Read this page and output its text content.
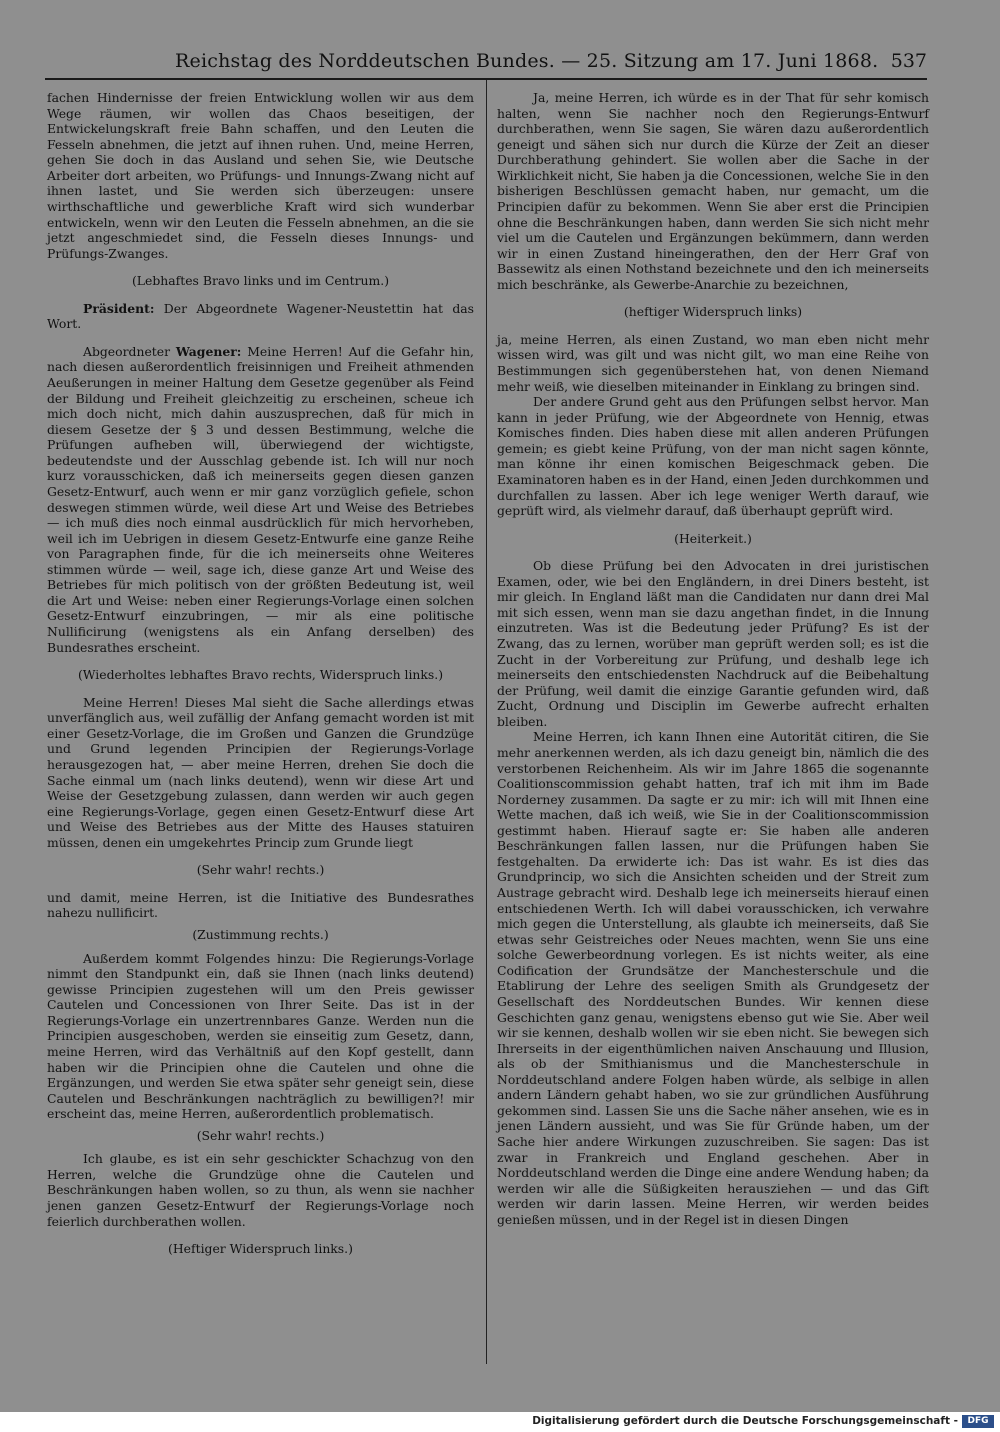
Reichstag des Norddeutschen Bundes. — 25. Sitzung am 17. Juni 1868. 537

fachen Hindernisse der freien Entwicklung wollen wir aus dem Wege räumen, wir wollen das Chaos beseitigen, der Entwickelungskraft freie Bahn schaffen, und den Leuten die Fesseln abnehmen, die jetzt auf ihnen ruhen. Und, meine Herren, gehen Sie doch in das Ausland und sehen Sie, wie Deutsche Arbeiter dort arbeiten, wo Prüfungs- und Innungs-Zwang nicht auf ihnen lastet, und Sie werden sich überzeugen: unsere wirthschaftliche und gewerbliche Kraft wird sich wunderbar entwickeln, wenn wir den Leuten die Fesseln abnehmen, an die sie jetzt angeschmiedet sind, die Fesseln dieses Innungs- und Prüfungs-Zwanges.

(Lebhaftes Bravo links und im Centrum.)

Präsident: Der Abgeordnete Wagener-Neustettin hat das Wort.

Abgeordneter Wagener: Meine Herren! Auf die Gefahr hin, nach diesen außerordentlich freisinnigen und Freiheit athmenden Aeußerungen in meiner Haltung dem Gesetze gegenüber als Feind der Bildung und Freiheit gleichzeitig zu erscheinen, scheue ich mich doch nicht, mich dahin auszusprechen, daß für mich in diesem Gesetze der § 3 und dessen Bestimmung, welche die Prüfungen aufheben will, überwiegend der wichtigste, bedeutendste und der Ausschlag gebende ist. Ich will nur noch kurz vorausschicken, daß ich meinerseits gegen diesen ganzen Gesetz-Entwurf, auch wenn er mir ganz vorzüglich gefiele, schon deswegen stimmen würde, weil diese Art und Weise des Betriebes — ich muß dies noch einmal ausdrücklich für mich hervorheben, weil ich im Uebrigen in diesem Gesetz-Entwurfe eine ganze Reihe von Paragraphen finde, für die ich meinerseits ohne Weiteres stimmen würde — weil, sage ich, diese ganze Art und Weise des Betriebes für mich politisch von der größten Bedeutung ist, weil die Art und Weise: neben einer Regierungs-Vorlage einen solchen Gesetz-Entwurf einzubringen, — mir als eine politische Nullificirung (wenigstens als ein Anfang derselben) des Bundesrathes erscheint.

(Wiederholtes lebhaftes Bravo rechts, Widerspruch links.)

Meine Herren! Dieses Mal sieht die Sache allerdings etwas unverfänglich aus, weil zufällig der Anfang gemacht worden ist mit einer Gesetz-Vorlage, die im Großen und Ganzen die Grundzüge und Grund legenden Principien der Regierungs-Vorlage herausgezogen hat, — aber meine Herren, drehen Sie doch die Sache einmal um (nach links deutend), wenn wir diese Art und Weise der Gesetzgebung zulassen, dann werden wir auch gegen eine Regierungs-Vorlage, gegen einen Gesetz-Entwurf diese Art und Weise des Betriebes aus der Mitte des Hauses statuiren müssen, denen ein umgekehrtes Princip zum Grunde liegt

(Sehr wahr! rechts.)

und damit, meine Herren, ist die Initiative des Bundesrathes nahezu nullificirt.

(Zustimmung rechts.)

Außerdem kommt Folgendes hinzu: Die Regierungs-Vorlage nimmt den Standpunkt ein, daß sie Ihnen (nach links deutend) gewisse Principien zugestehen will um den Preis gewisser Cautelen und Concessionen von Ihrer Seite. Das ist in der Regierungs-Vorlage ein unzertrennbares Ganze. Werden nun die Principien ausgeschoben, werden sie einseitig zum Gesetz, dann, meine Herren, wird das Verhältniß auf den Kopf gestellt, dann haben wir die Principien ohne die Cautelen und ohne die Ergänzungen, und werden Sie etwa später sehr geneigt sein, diese Cautelen und Beschränkungen nachträglich zu bewilligen?! mir erscheint das, meine Herren, außerordentlich problematisch.

(Sehr wahr! rechts.)

Ich glaube, es ist ein sehr geschickter Schachzug von den Herren, welche die Grundzüge ohne die Cautelen und Beschränkungen haben wollen, so zu thun, als wenn sie nachher jenen ganzen Gesetz-Entwurf der Regierungs-Vorlage noch feierlich durchberathen wollen.

(Heftiger Widerspruch links.)

Ja, meine Herren, ich würde es in der That für sehr komisch halten, wenn Sie nachher noch den Regierungs-Entwurf durchberathen, wenn Sie sagen, Sie wären dazu außerordentlich geneigt und sähen sich nur durch die Kürze der Zeit an dieser Durchberathung gehindert. Sie wollen aber die Sache in der Wirklichkeit nicht, Sie haben ja die Concessionen, welche Sie in den bisherigen Beschlüssen gemacht haben, nur gemacht, um die Principien dafür zu bekommen. Wenn Sie aber erst die Principien ohne die Beschränkungen haben, dann werden Sie sich nicht mehr viel um die Cautelen und Ergänzungen bekümmern, dann werden wir in einen Zustand hineingerathen, den der Herr Graf von Bassewitz als einen Nothstand bezeichnete und den ich meinerseits mich beschränke, als Gewerbe-Anarchie zu bezeichnen,

(heftiger Widerspruch links)

ja, meine Herren, als einen Zustand, wo man eben nicht mehr wissen wird, was gilt und was nicht gilt, wo man eine Reihe von Bestimmungen sich gegenüberstehen hat, von denen Niemand mehr weiß, wie dieselben miteinander in Einklang zu bringen sind.

Der andere Grund geht aus den Prüfungen selbst hervor. Man kann in jeder Prüfung, wie der Abgeordnete von Hennig, etwas Komisches finden. Dies haben diese mit allen anderen Prüfungen gemein; es giebt keine Prüfung, von der man nicht sagen könnte, man könne ihr einen komischen Beigeschmack geben. Die Examinatoren haben es in der Hand, einen Jeden durchkommen und durchfallen zu lassen. Aber ich lege weniger Werth darauf, wie geprüft wird, als vielmehr darauf, daß überhaupt geprüft wird.

(Heiterkeit.)

Ob diese Prüfung bei den Advocaten in drei juristischen Examen, oder, wie bei den Engländern, in drei Diners besteht, ist mir gleich. In England läßt man die Candidaten nur dann drei Mal mit sich essen, wenn man sie dazu angethan findet, in die Innung einzutreten. Was ist die Bedeutung jeder Prüfung? Es ist der Zwang, das zu lernen, worüber man geprüft werden soll; es ist die Zucht in der Vorbereitung zur Prüfung, und deshalb lege ich meinerseits den entschiedensten Nachdruck auf die Beibehaltung der Prüfung, weil damit die einzige Garantie gefunden wird, daß Zucht, Ordnung und Disciplin im Gewerbe aufrecht erhalten bleiben.

Meine Herren, ich kann Ihnen eine Autorität citiren, die Sie mehr anerkennen werden, als ich dazu geneigt bin, nämlich die des verstorbenen Reichenheim. Als wir im Jahre 1865 die sogenannte Coalitionscommission gehabt hatten, traf ich mit ihm im Bade Norderney zusammen. Da sagte er zu mir: ich will mit Ihnen eine Wette machen, daß ich weiß, wie Sie in der Coalitionscommission gestimmt haben. Hierauf sagte er: Sie haben alle anderen Beschränkungen fallen lassen, nur die Prüfungen haben Sie festgehalten. Da erwiderte ich: Das ist wahr. Es ist dies das Grundprincip, wo sich die Ansichten scheiden und der Streit zum Austrage gebracht wird. Deshalb lege ich meinerseits hierauf einen entschiedenen Werth. Ich will dabei vorausschicken, ich verwahre mich gegen die Unterstellung, als glaubte ich meinerseits, daß Sie etwas sehr Geistreiches oder Neues machten, wenn Sie uns eine solche Gewerbeordnung vorlegen. Es ist nichts weiter, als eine Codification der Grundsätze der Manchesterschule und die Etablirung der Lehre des seeligen Smith als Grundgesetz der Gesellschaft des Norddeutschen Bundes. Wir kennen diese Geschichten ganz genau, wenigstens ebenso gut wie Sie. Aber weil wir sie kennen, deshalb wollen wir sie eben nicht. Sie bewegen sich Ihrerseits in der eigenthümlichen naiven Anschauung und Illusion, als ob der Smithianismus und die Manchesterschule in Norddeutschland andere Folgen haben würde, als selbige in allen andern Ländern gehabt haben, wo sie zur gründlichen Ausführung gekommen sind. Lassen Sie uns die Sache näher ansehen, wie es in jenen Ländern aussieht, und was Sie für Gründe haben, um der Sache hier andere Wirkungen zuzuschreiben. Sie sagen: Das ist zwar in Frankreich und England geschehen. Aber in Norddeutschland werden die Dinge eine andere Wendung haben; da werden wir alle die Süßigkeiten herausziehen — und das Gift werden wir darin lassen. Meine Herren, wir werden beides genießen müssen, und in der Regel ist in diesen Dingen

Digitalisierung gefördert durch die Deutsche Forschungsgemeinschaft -	DFG
